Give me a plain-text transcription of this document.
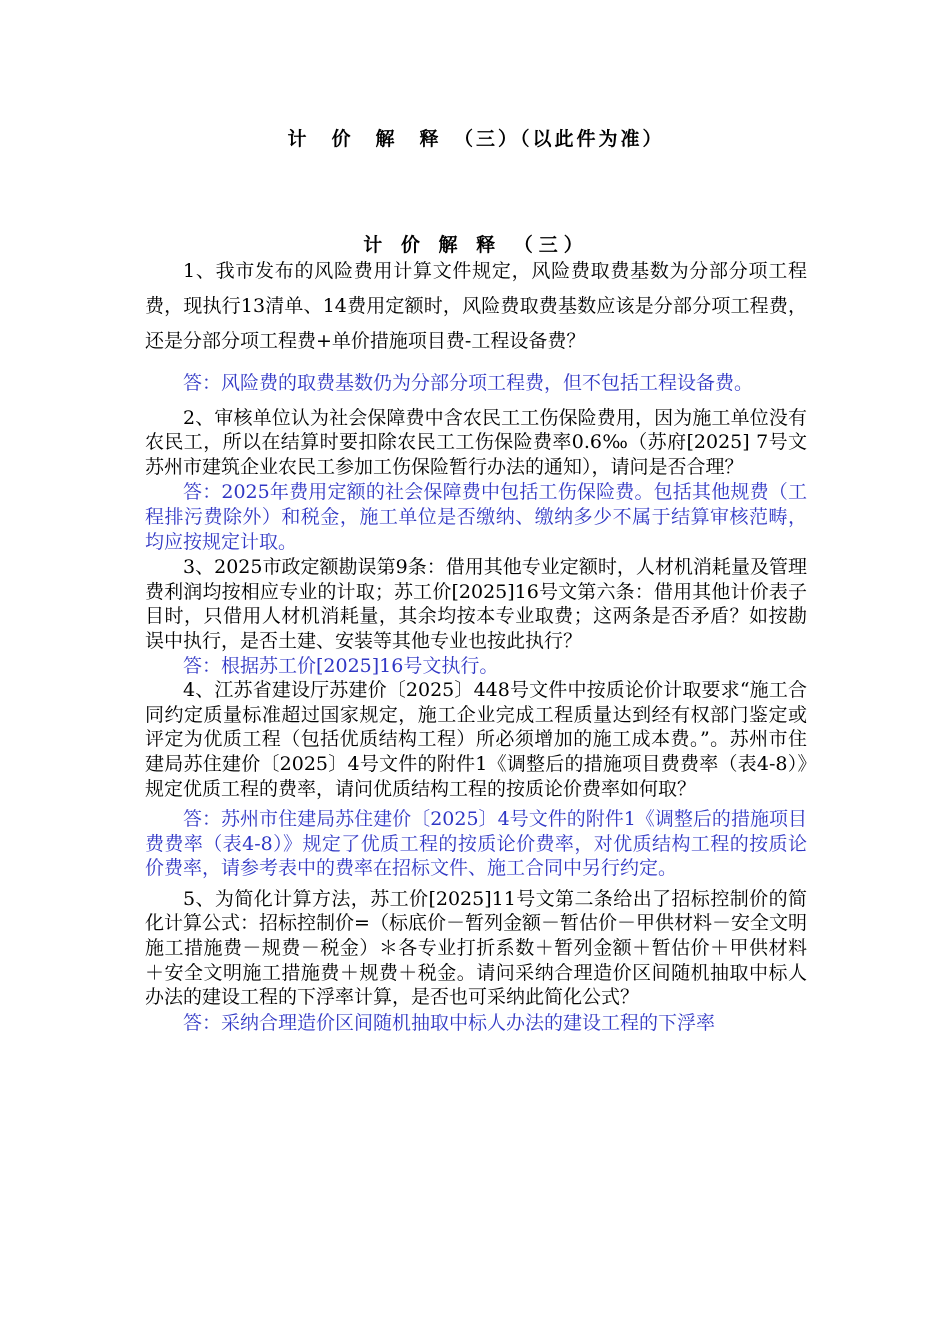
计　价　解　释　（三）（以此件为准）
计 价 解 释 （三）

1、我市发布的风险费用计算文件规定，风险费取费基数为分部分项工程费，现执行13清单、14费用定额时，风险费取费基数应该是分部分项工程费，还是分部分项工程费+单价措施项目费-工程设备费？

答：风险费的取费基数仍为分部分项工程费，但不包括工程设备费。

2、审核单位认为社会保障费中含农民工工伤保险费用，因为施工单位没有农民工，所以在结算时要扣除农民工工伤保险费率0.6‰（苏府[2025] 7号文 苏州市建筑企业农民工参加工伤保险暂行办法的通知），请问是否合理？

答：2025年费用定额的社会保障费中包括工伤保险费。包括其他规费（工程排污费除外）和税金，施工单位是否缴纳、缴纳多少不属于结算审核范畴，均应按规定计取。

3、2025市政定额勘误第9条：借用其他专业定额时，人材机消耗量及管理费利润均按相应专业的计取；苏工价[2025]16号文第六条：借用其他计价表子目时，只借用人材机消耗量，其余均按本专业取费；这两条是否矛盾？如按勘误中执行，是否土建、安装等其他专业也按此执行？

答：根据苏工价[2025]16号文执行。

4、江苏省建设厅苏建价〔2025〕448号文件中按质论价计取要求“施工合同约定质量标准超过国家规定，施工企业完成工程质量达到经有权部门鉴定或评定为优质工程（包括优质结构工程）所必须增加的施工成本费。”。苏州市住建局苏住建价〔2025〕4号文件的附件1《调整后的措施项目费费率（表4-8）》规定优质工程的费率，请问优质结构工程的按质论价费率如何取？

答：苏州市住建局苏住建价〔2025〕4号文件的附件1《调整后的措施项目费费率（表4-8）》规定了优质工程的按质论价费率，对优质结构工程的按质论价费率，请参考表中的费率在招标文件、施工合同中另行约定。

5、为简化计算方法，苏工价[2025]11号文第二条给出了招标控制价的简化计算公式：招标控制价=（标底价－暂列金额－暂估价－甲供材料－安全文明施工措施费－规费－税金）＊各专业打折系数＋暂列金额＋暂估价＋甲供材料＋安全文明施工措施费＋规费＋税金。请问采纳合理造价区间随机抽取中标人办法的建设工程的下浮率计算，是否也可采纳此简化公式？

答：采纳合理造价区间随机抽取中标人办法的建设工程的下浮率
